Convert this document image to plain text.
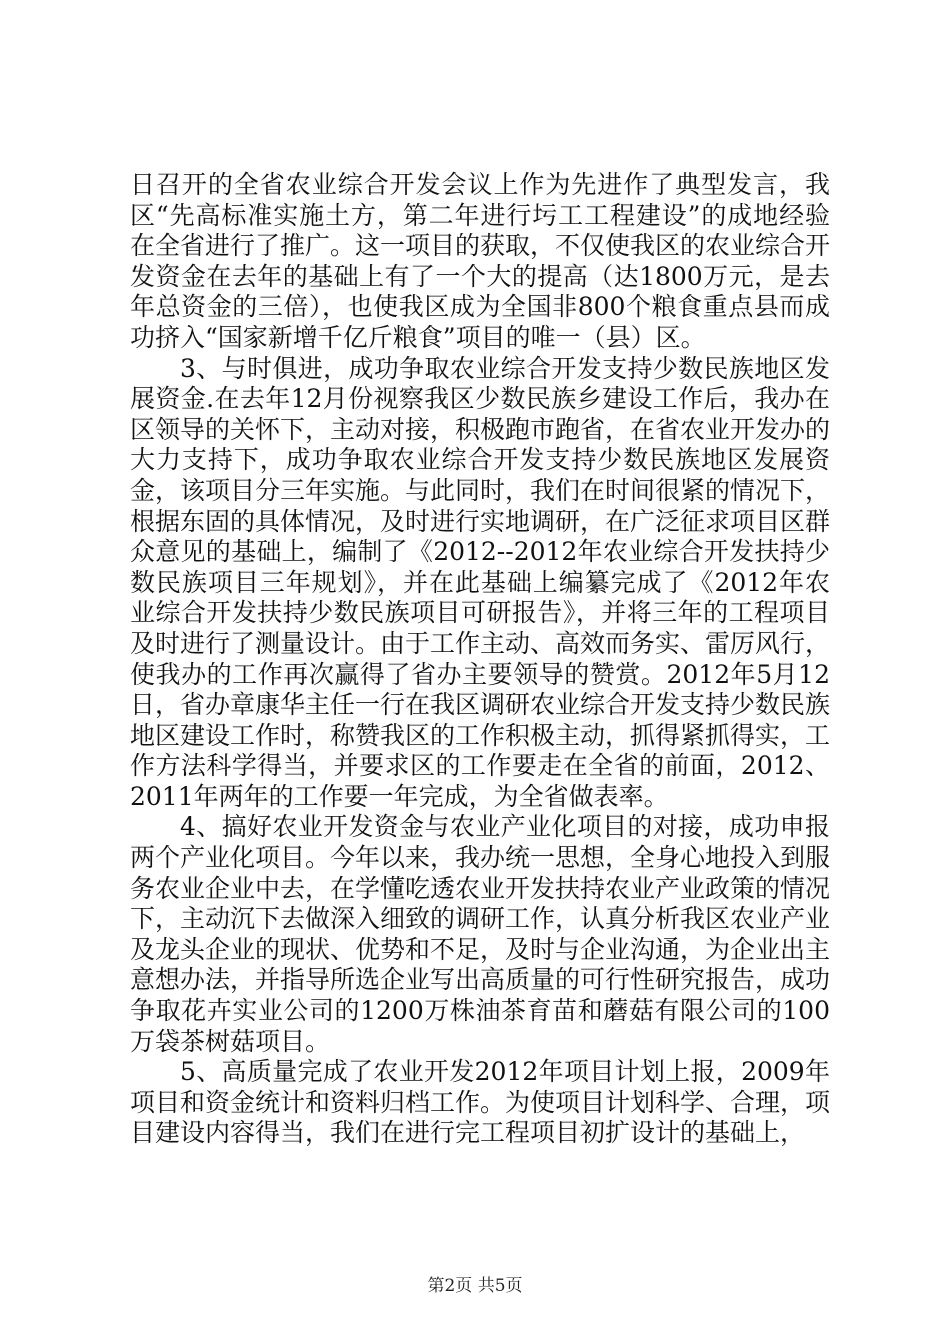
日召开的全省农业综合开发会议上作为先进作了典型发言，我区“先高标准实施土方，第二年进行圬工工程建设”的成地经验在全省进行了推广。这一项目的获取，不仅使我区的农业综合开发资金在去年的基础上有了一个大的提高（达1800万元，是去年总资金的三倍），也使我区成为全国非800个粮食重点县而成功挤入“国家新增千亿斤粮食”项目的唯一（县）区。

3、与时俱进，成功争取农业综合开发支持少数民族地区发展资金.在去年12月份视察我区少数民族乡建设工作后，我办在区领导的关怀下，主动对接，积极跑市跑省，在省农业开发办的大力支持下，成功争取农业综合开发支持少数民族地区发展资金，该项目分三年实施。与此同时，我们在时间很紧的情况下，根据东固的具体情况，及时进行实地调研，在广泛征求项目区群众意见的基础上，编制了《2012--2012年农业综合开发扶持少数民族项目三年规划》，并在此基础上编纂完成了《2012年农业综合开发扶持少数民族项目可研报告》，并将三年的工程项目及时进行了测量设计。由于工作主动、高效而务实、雷厉风行，使我办的工作再次赢得了省办主要领导的赞赏。2012年5月12日，省办章康华主任一行在我区调研农业综合开发支持少数民族地区建设工作时，称赞我区的工作积极主动，抓得紧抓得实，工作方法科学得当，并要求区的工作要走在全省的前面，2012、2011年两年的工作要一年完成，为全省做表率。

4、搞好农业开发资金与农业产业化项目的对接，成功申报两个产业化项目。今年以来，我办统一思想，全身心地投入到服务农业企业中去，在学懂吃透农业开发扶持农业产业政策的情况下，主动沉下去做深入细致的调研工作，认真分析我区农业产业及龙头企业的现状、优势和不足，及时与企业沟通，为企业出主意想办法，并指导所选企业写出高质量的可行性研究报告，成功争取花卉实业公司的1200万株油茶育苗和蘑菇有限公司的100万袋茶树菇项目。

5、高质量完成了农业开发2012年项目计划上报，2009年项目和资金统计和资料归档工作。为使项目计划科学、合理，项目建设内容得当，我们在进行完工程项目初扩设计的基础上，

第2页 共5页
